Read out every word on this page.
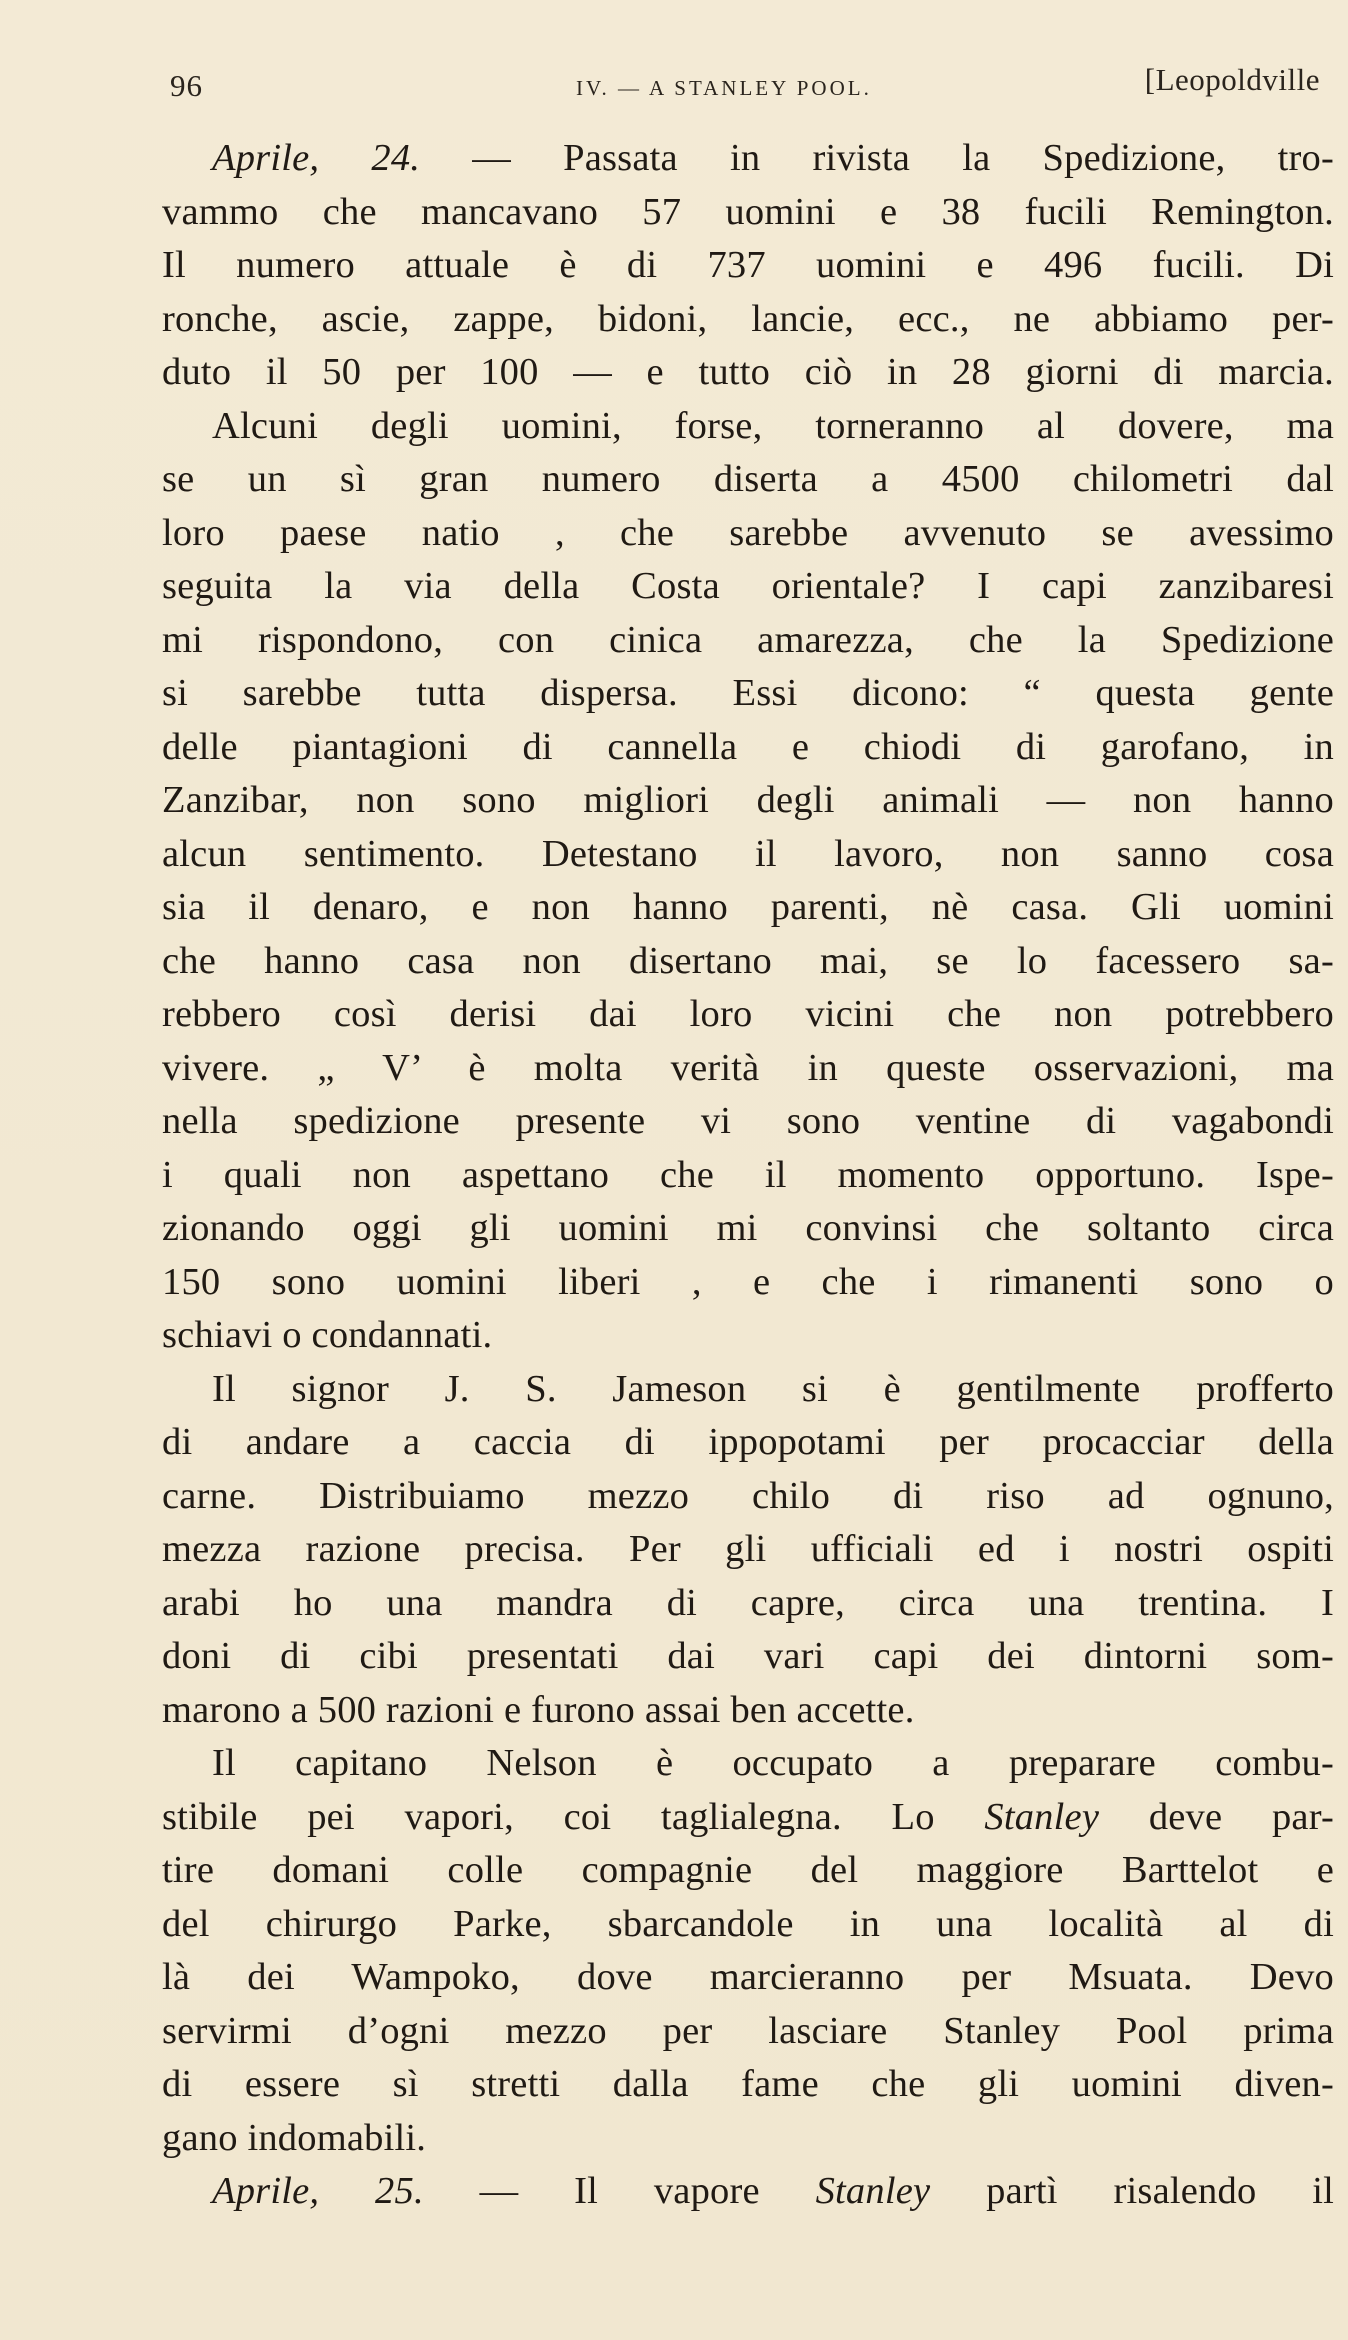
96	IV. — A STANLEY POOL.	[Leopoldville
Aprile, 24. — Passata in rivista la Spedizione, tro-
vammo che mancavano 57 uomini e 38 fucili Remington.
Il numero attuale è di 737 uomini e 496 fucili. Di
ronche, ascie, zappe, bidoni, lancie, ecc., ne abbiamo per-
duto il 50 per 100 — e tutto ciò in 28 giorni di marcia.
Alcuni degli uomini, forse, torneranno al dovere, ma
se un sì gran numero diserta a 4500 chilometri dal
loro paese natio , che sarebbe avvenuto se avessimo
seguita la via della Costa orientale? I capi zanzibaresi
mi rispondono, con cinica amarezza, che la Spedizione
si sarebbe tutta dispersa. Essi dicono: “ questa gente
delle piantagioni di cannella e chiodi di garofano, in
Zanzibar, non sono migliori degli animali — non hanno
alcun sentimento. Detestano il lavoro, non sanno cosa
sia il denaro, e non hanno parenti, nè casa. Gli uomini
che hanno casa non disertano mai, se lo facessero sa-
rebbero così derisi dai loro vicini che non potrebbero
vivere. „ V’ è molta verità in queste osservazioni, ma
nella spedizione presente vi sono ventine di vagabondi
i quali non aspettano che il momento opportuno. Ispe-
zionando oggi gli uomini mi convinsi che soltanto circa
150 sono uomini liberi , e che i rimanenti sono o
schiavi o condannati.
Il signor J. S. Jameson si è gentilmente profferto
di andare a caccia di ippopotami per procacciar della
carne. Distribuiamo mezzo chilo di riso ad ognuno,
mezza razione precisa. Per gli ufficiali ed i nostri ospiti
arabi ho una mandra di capre, circa una trentina. I
doni di cibi presentati dai vari capi dei dintorni som-
marono a 500 razioni e furono assai ben accette.
Il capitano Nelson è occupato a preparare combu-
stibile pei vapori, coi taglialegna. Lo Stanley deve par-
tire domani colle compagnie del maggiore Barttelot e
del chirurgo Parke, sbarcandole in una località al di
là dei Wampoko, dove marcieranno per Msuata. Devo
servirmi d’ogni mezzo per lasciare Stanley Pool prima
di essere sì stretti dalla fame che gli uomini diven-
gano indomabili.
Aprile, 25. — Il vapore Stanley partì risalendo il
